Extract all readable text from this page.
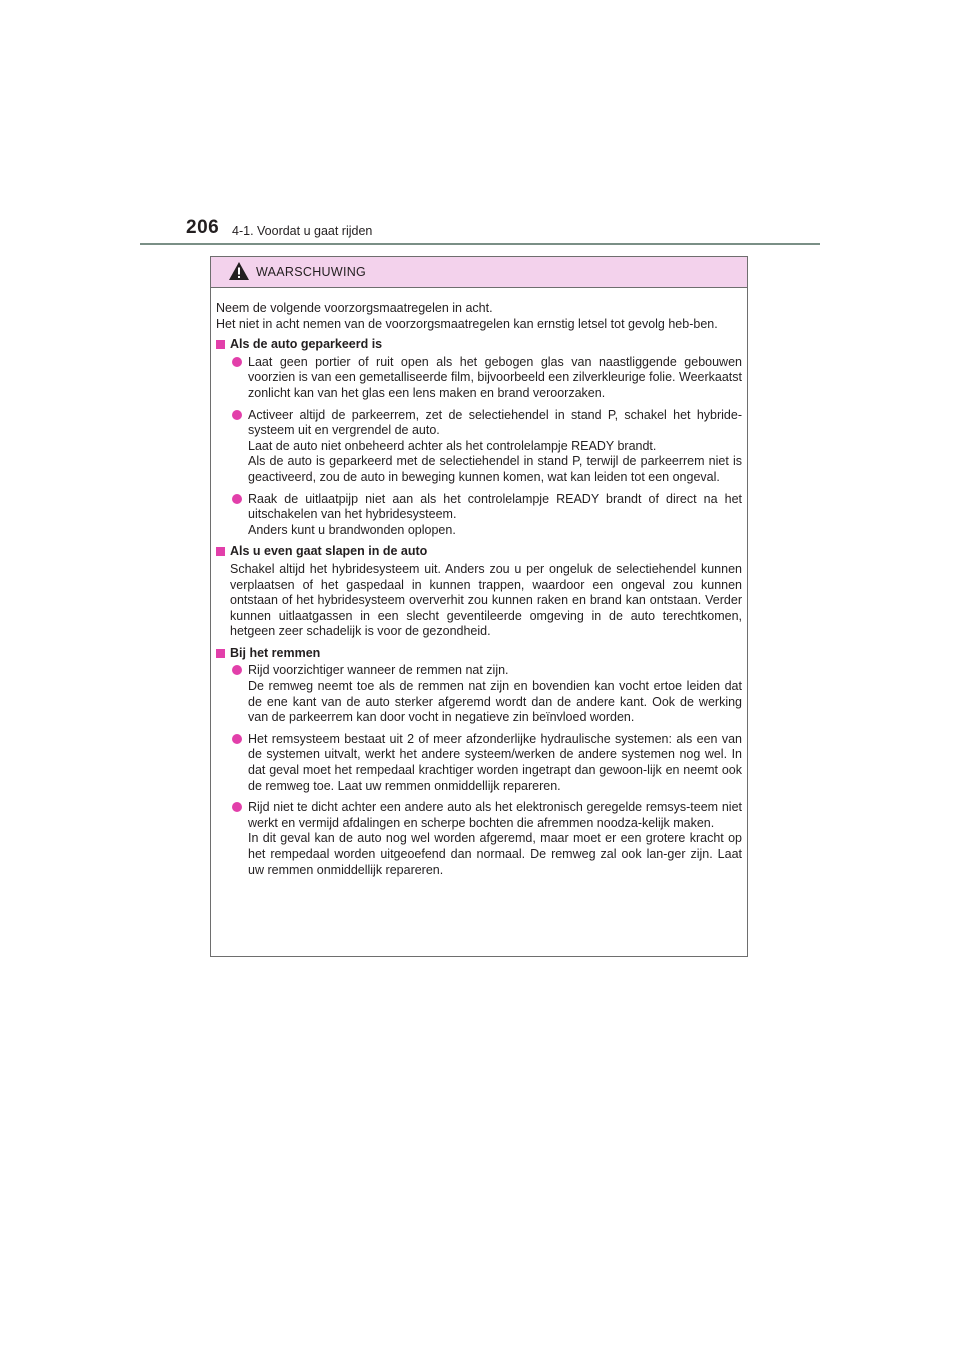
206 4-1. Voordat u gaat rijden
WAARSCHUWING

Neem de volgende voorzorgsmaatregelen in acht.

Het niet in acht nemen van de voorzorgsmaatregelen kan ernstig letsel tot gevolg heb-ben.

Als de auto geparkeerd is

Laat geen portier of ruit open als het gebogen glas van naastliggende gebouwen voorzien is van een gemetalliseerde film, bijvoorbeeld een zilverkleurige folie. Weerkaatst zonlicht kan van het glas een lens maken en brand veroorzaken.

Activeer altijd de parkeerrem, zet de selectiehendel in stand P, schakel het hybride-systeem uit en vergrendel de auto.

Laat de auto niet onbeheerd achter als het controlelampje READY brandt.

Als de auto is geparkeerd met de selectiehendel in stand P, terwijl de parkeerrem niet is geactiveerd, zou de auto in beweging kunnen komen, wat kan leiden tot een ongeval.

Raak de uitlaatpijp niet aan als het controlelampje READY brandt of direct na het uitschakelen van het hybridesysteem.

Anders kunt u brandwonden oplopen.

Als u even gaat slapen in de auto

Schakel altijd het hybridesysteem uit. Anders zou u per ongeluk de selectiehendel kunnen verplaatsen of het gaspedaal in kunnen trappen, waardoor een ongeval zou kunnen ontstaan of het hybridesysteem oververhit zou kunnen raken en brand kan ontstaan. Verder kunnen uitlaatgassen in een slecht geventileerde omgeving in de auto terechtkomen, hetgeen zeer schadelijk is voor de gezondheid.

Bij het remmen

Rijd voorzichtiger wanneer de remmen nat zijn.

De remweg neemt toe als de remmen nat zijn en bovendien kan vocht ertoe leiden dat de ene kant van de auto sterker afgeremd wordt dan de andere kant. Ook de werking van de parkeerrem kan door vocht in negatieve zin beïnvloed worden.

Het remsysteem bestaat uit 2 of meer afzonderlijke hydraulische systemen: als een van de systemen uitvalt, werkt het andere systeem/werken de andere systemen nog wel. In dat geval moet het rempedaal krachtiger worden ingetrapt dan gewoon-lijk en neemt ook de remweg toe. Laat uw remmen onmiddellijk repareren.

Rijd niet te dicht achter een andere auto als het elektronisch geregelde remsys-teem niet werkt en vermijd afdalingen en scherpe bochten die afremmen noodza-kelijk maken.

In dit geval kan de auto nog wel worden afgeremd, maar moet er een grotere kracht op het rempedaal worden uitgeoefend dan normaal. De remweg zal ook lan-ger zijn. Laat uw remmen onmiddellijk repareren.
